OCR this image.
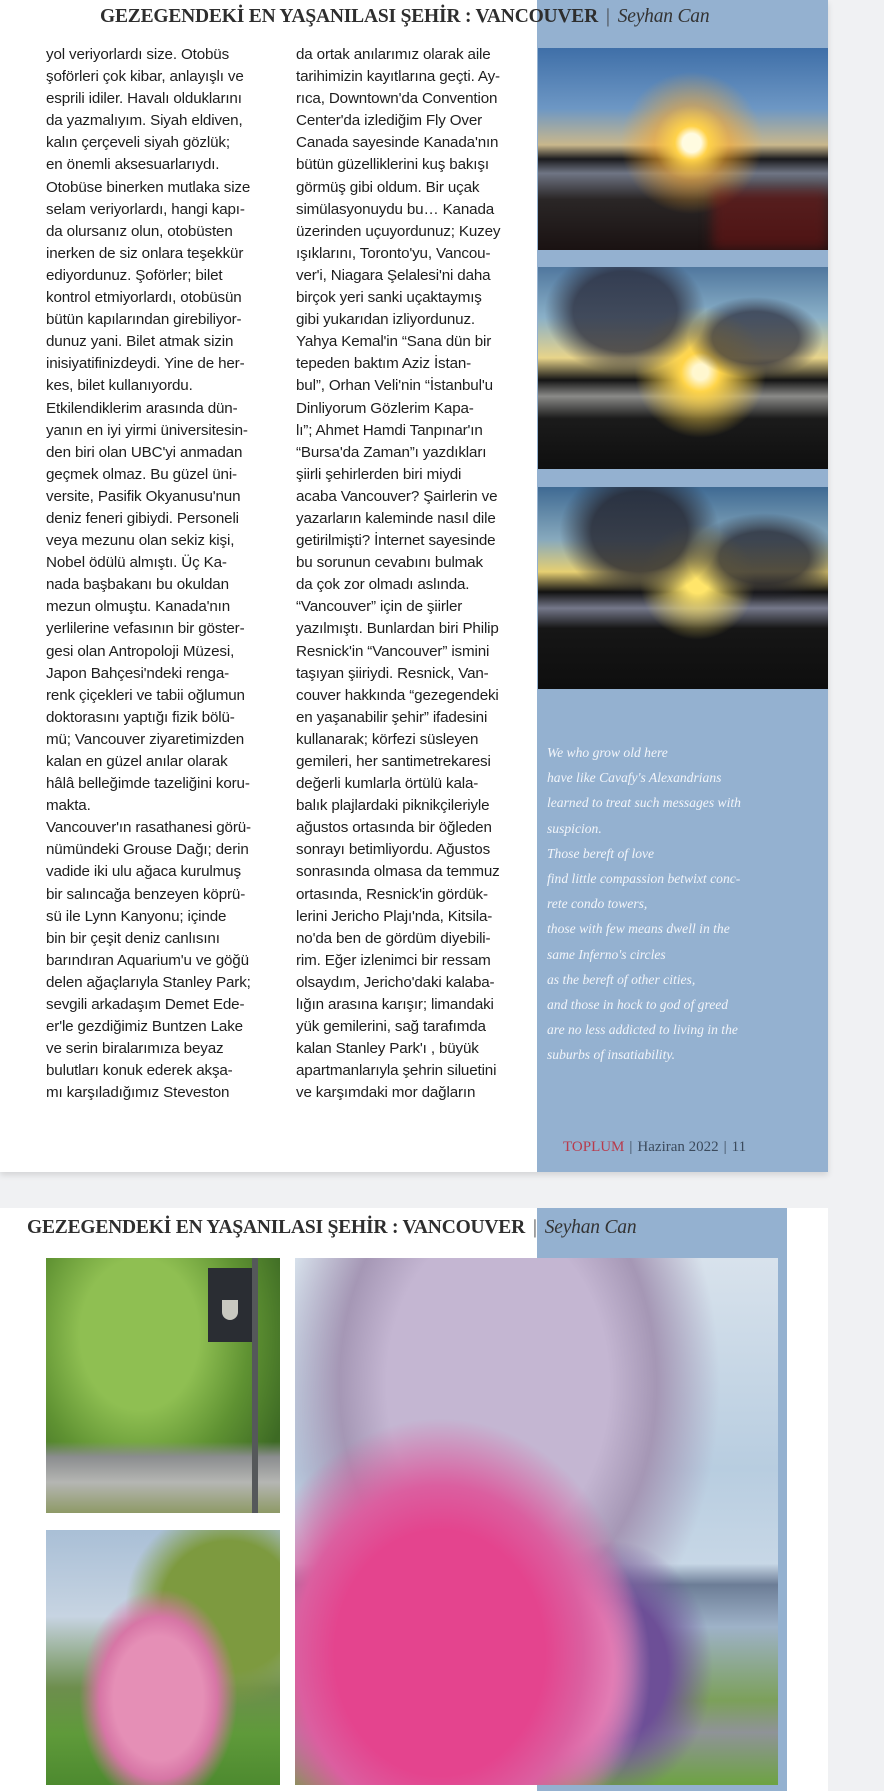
GEZEGENDEKİ EN YAŞANILASI ŞEHİR : VANCOUVER | Seyhan Can
yol veriyorlardı size. Otobüs
şoförleri çok kibar, anlayışlı ve
esprili idiler. Havalı olduklarını
da yazmalıyım. Siyah eldiven,
kalın çerçeveli siyah gözlük;
en önemli aksesuarlarıydı.
Otobüse binerken mutlaka size
selam veriyorlardı, hangi kapı-
da olursanız olun, otobüsten
inerken de siz onlara teşekkür
ediyordunuz. Şoförler; bilet
kontrol etmiyorlardı, otobüsün
bütün kapılarından girebiliyor-
dunuz yani. Bilet atmak sizin
inisiyatifinizdeydi. Yine de her-
kes, bilet kullanıyordu.
Etkilendiklerim arasında dün-
yanın en iyi yirmi üniversitesin-
den biri olan UBC'yi anmadan
geçmek olmaz. Bu güzel üni-
versite, Pasifik Okyanusu'nun
deniz feneri gibiydi. Personeli
veya mezunu olan sekiz kişi,
Nobel ödülü almıştı. Üç Ka-
nada başbakanı bu okuldan
mezun olmuştu. Kanada'nın
yerlilerine vefasının bir göster-
gesi olan Antropoloji Müzesi,
Japon Bahçesi'ndeki renga-
renk çiçekleri ve tabii oğlumun
doktorasını yaptığı fizik bölü-
mü; Vancouver ziyaretimizden
kalan en güzel anılar olarak
hâlâ belleğimde tazeliğini koru-
makta.
Vancouver'ın rasathanesi görü-
nümündeki Grouse Dağı; derin
vadide iki ulu ağaca kurulmuş
bir salıncağa benzeyen köprü-
sü ile Lynn Kanyonu; içinde
bin bir çeşit deniz canlısını
barındıran Aquarium'u ve göğü
delen ağaçlarıyla Stanley Park;
sevgili arkadaşım Demet Ede-
er'le gezdiğimiz Buntzen Lake
ve serin biralarımıza beyaz
bulutları konuk ederek akşa-
mı karşıladığımız Steveston
da ortak anılarımız olarak aile
tarihimizin kayıtlarına geçti. Ay-
rıca, Downtown'da Convention
Center'da izlediğim Fly Over
Canada sayesinde Kanada'nın
bütün güzelliklerini kuş bakışı
görmüş gibi oldum. Bir uçak
simülasyonuydu bu… Kanada
üzerinden uçuyordunuz; Kuzey
ışıklarını, Toronto'yu, Vancou-
ver'i, Niagara Şelalesi'ni daha
birçok yeri sanki uçaktaymış
gibi yukarıdan izliyordunuz.
Yahya Kemal'in “Sana dün bir
tepeden baktım Aziz İstan-
bul”, Orhan Veli'nin “İstanbul'u
Dinliyorum Gözlerim Kapa-
lı”; Ahmet Hamdi Tanpınar'ın
“Bursa'da Zaman”ı yazdıkları
şiirli şehirlerden biri miydi
acaba Vancouver? Şairlerin ve
yazarların kaleminde nasıl dile
getirilmişti? İnternet sayesinde
bu sorunun cevabını bulmak
da çok zor olmadı aslında.
“Vancouver” için de şiirler
yazılmıştı. Bunlardan biri Philip
Resnick'in “Vancouver” ismini
taşıyan şiiriydi. Resnick, Van-
couver hakkında “gezegendeki
en yaşanabilir şehir” ifadesini
kullanarak; körfezi süsleyen
gemileri, her santimetrekaresi
değerli kumlarla örtülü kala-
balık plajlardaki piknikçileriyle
ağustos ortasında bir öğleden
sonrayı betimliyordu. Ağustos
sonrasında olmasa da temmuz
ortasında, Resnick'in gördük-
lerini Jericho Plajı'nda, Kitsila-
no'da ben de gördüm diyebili-
rim. Eğer izlenimci bir ressam
olsaydım, Jericho'daki kalaba-
lığın arasına karışır; limandaki
yük gemilerini, sağ tarafımda
kalan Stanley Park'ı , büyük
apartmanlarıyla şehrin siluetini
ve karşımdaki mor dağların
We who grow old here
have like Cavafy's Alexandrians
learned to treat such messages with
suspicion.
Those bereft of love
find little compassion betwixt conc-
rete condo towers,
those with few means dwell in the
same Inferno's circles
as the bereft of other cities,
and those in hock to god of greed
are no less addicted to living in the
suburbs of insatiability.
TOPLUM | Haziran 2022 | 11
GEZEGENDEKİ EN YAŞANILASI ŞEHİR : VANCOUVER | Seyhan Can
